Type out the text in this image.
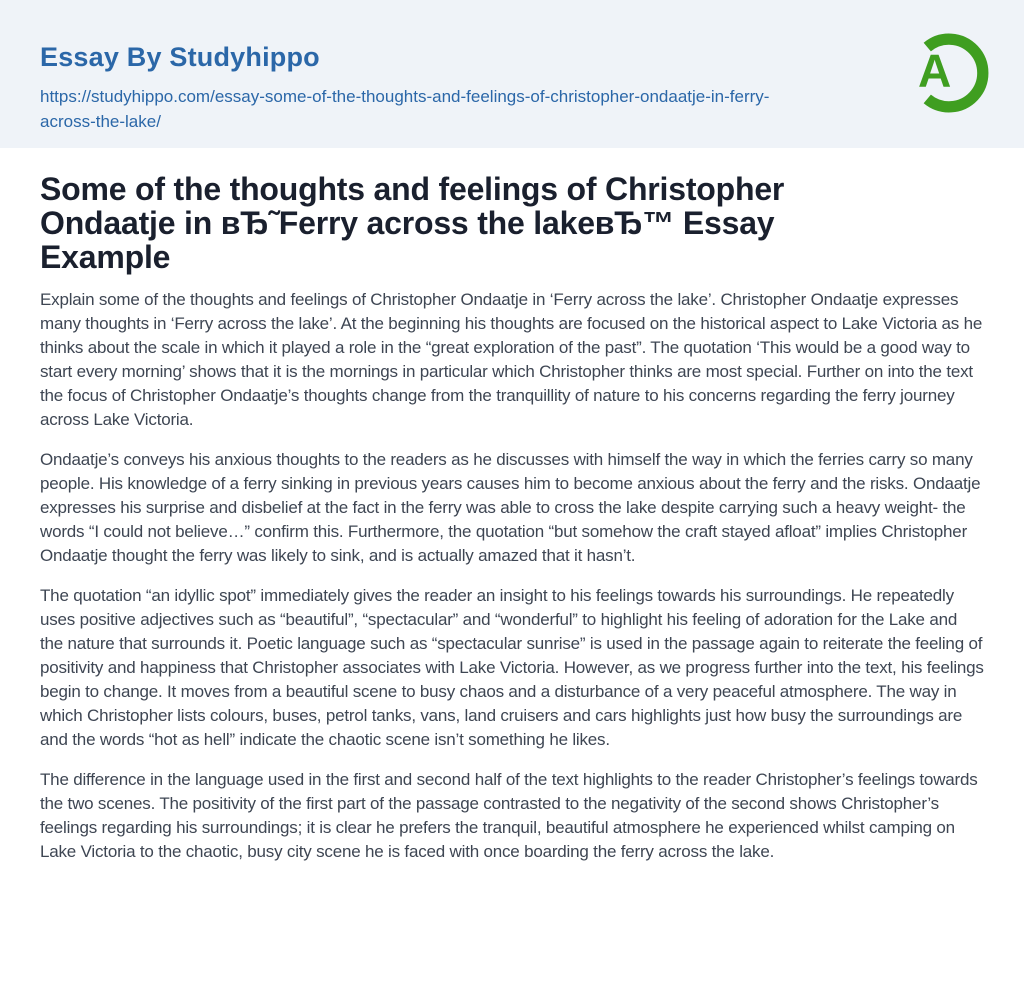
Essay By Studyhippo
https://studyhippo.com/essay-some-of-the-thoughts-and-feelings-of-christopher-ondaatje-in-ferry-across-the-lake/
A
Some of the thoughts and feelings of Christopher
Ondaatje in вЂ˜Ferry across the lakeвЂ™ Essay
Example

Explain some of the thoughts and feelings of Christopher Ondaatje in ‘Ferry across the lake’. Christopher Ondaatje expresses many thoughts in ‘Ferry across the lake’. At the beginning his thoughts are focused on the historical aspect to Lake Victoria as he thinks about the scale in which it played a role in the “great exploration of the past”. The quotation ‘This would be a good way to start every morning’ shows that it is the mornings in particular which Christopher thinks are most special. Further on into the text the focus of Christopher Ondaatje’s thoughts change from the tranquillity of nature to his concerns regarding the ferry journey across Lake Victoria.

Ondaatje’s conveys his anxious thoughts to the readers as he discusses with himself the way in which the ferries carry so many people. His knowledge of a ferry sinking in previous years causes him to become anxious about the ferry and the risks. Ondaatje expresses his surprise and disbelief at the fact in the ferry was able to cross the lake despite carrying such a heavy weight- the words “I could not believe…” confirm this. Furthermore, the quotation “but somehow the craft stayed afloat” implies Christopher Ondaatje thought the ferry was likely to sink, and is actually amazed that it hasn’t.

The quotation “an idyllic spot” immediately gives the reader an insight to his feelings towards his surroundings. He repeatedly uses positive adjectives such as “beautiful”, “spectacular” and “wonderful” to highlight his feeling of adoration for the Lake and the nature that surrounds it. Poetic language such as “spectacular sunrise” is used in the passage again to reiterate the feeling of positivity and happiness that Christopher associates with Lake Victoria. However, as we progress further into the text, his feelings begin to change. It moves from a beautiful scene to busy chaos and a disturbance of a very peaceful atmosphere. The way in which Christopher lists colours, buses, petrol tanks, vans, land cruisers and cars highlights just how busy the surroundings are and the words “hot as hell” indicate the chaotic scene isn’t something he likes.

The difference in the language used in the first and second half of the text highlights to the reader Christopher’s feelings towards the two scenes. The positivity of the first part of the passage contrasted to the negativity of the second shows Christopher’s feelings regarding his surroundings; it is clear he prefers the tranquil, beautiful atmosphere he experienced whilst camping on Lake Victoria to the chaotic, busy city scene he is faced with once boarding the ferry across the lake.
